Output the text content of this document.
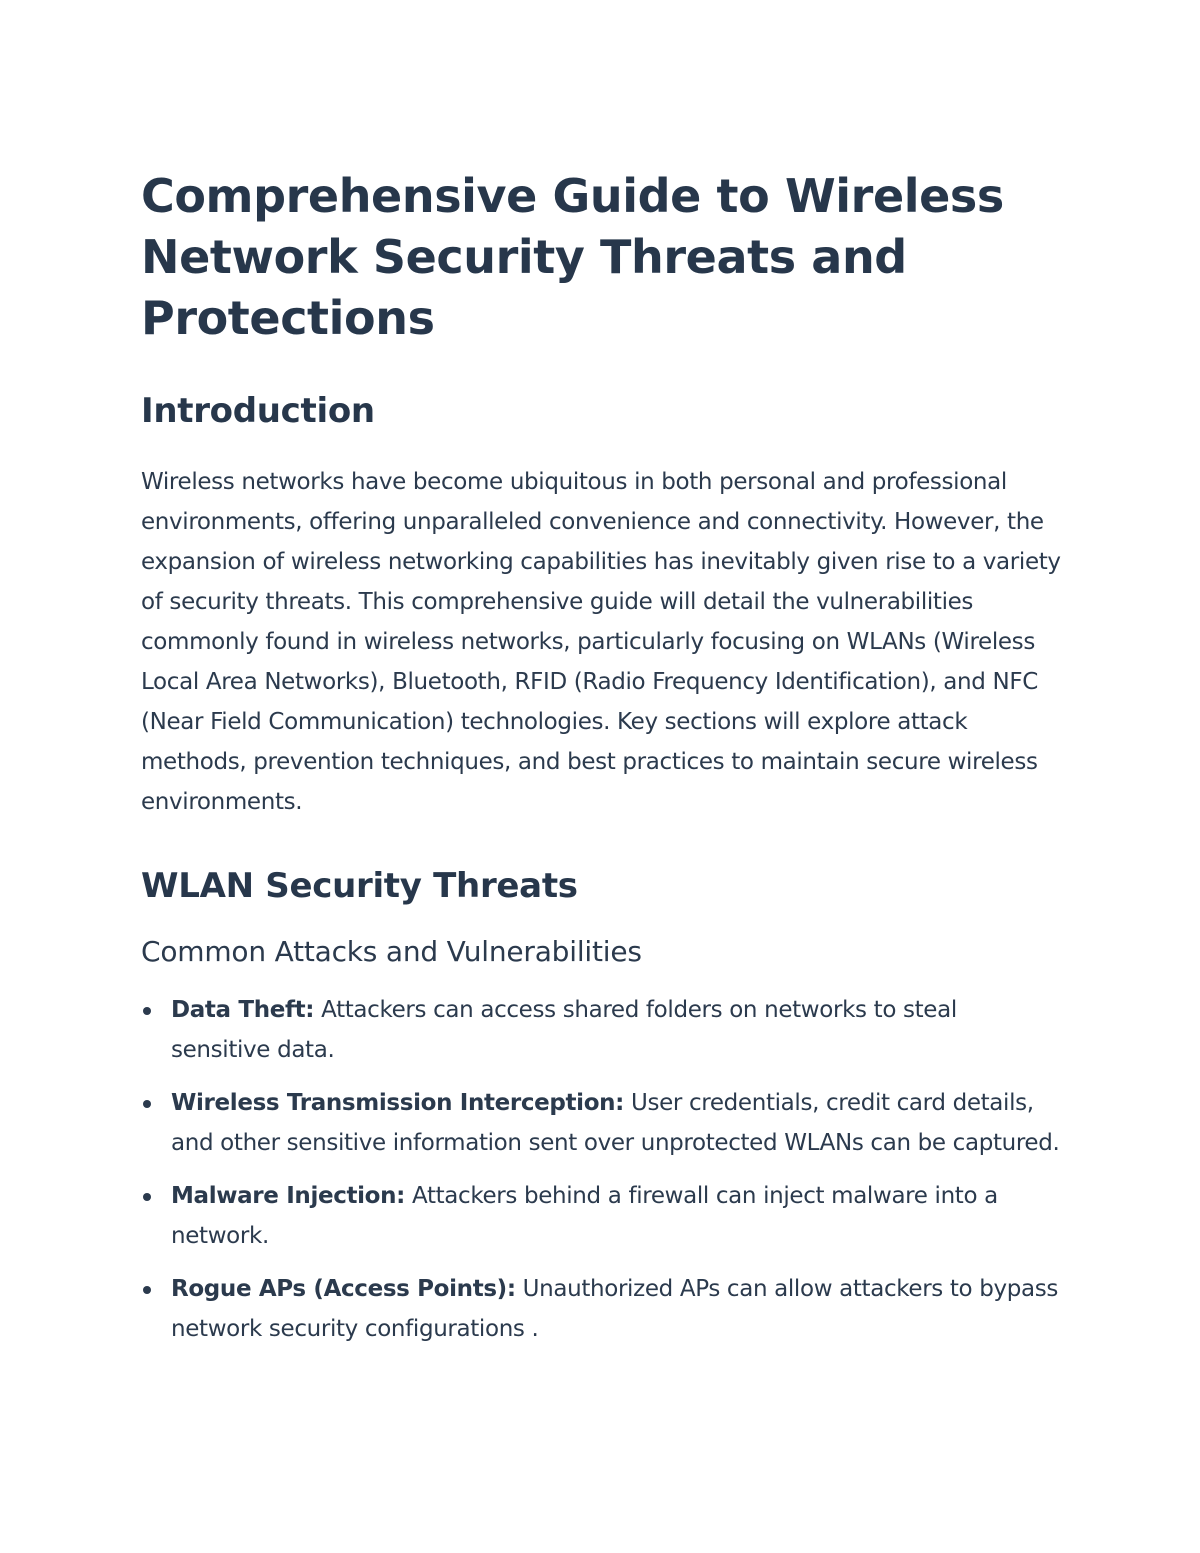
Comprehensive Guide to Wireless Network Security Threats and Protections
Introduction

Wireless networks have become ubiquitous in both personal and professional environments, offering unparalleled convenience and connectivity. However, the expansion of wireless networking capabilities has inevitably given rise to a variety of security threats. This comprehensive guide will detail the vulnerabilities commonly found in wireless networks, particularly focusing on WLANs (Wireless Local Area Networks), Bluetooth, RFID (Radio Frequency Identification), and NFC (Near Field Communication) technologies. Key sections will explore attack methods, prevention techniques, and best practices to maintain secure wireless environments.

WLAN Security Threats
Common Attacks and Vulnerabilities
Data Theft: Attackers can access shared folders on networks to steal sensitive data.
Wireless Transmission Interception: User credentials, credit card details, and other sensitive information sent over unprotected WLANs can be captured.
Malware Injection: Attackers behind a firewall can inject malware into a network.
Rogue APs (Access Points): Unauthorized APs can allow attackers to bypass network security configurations .
